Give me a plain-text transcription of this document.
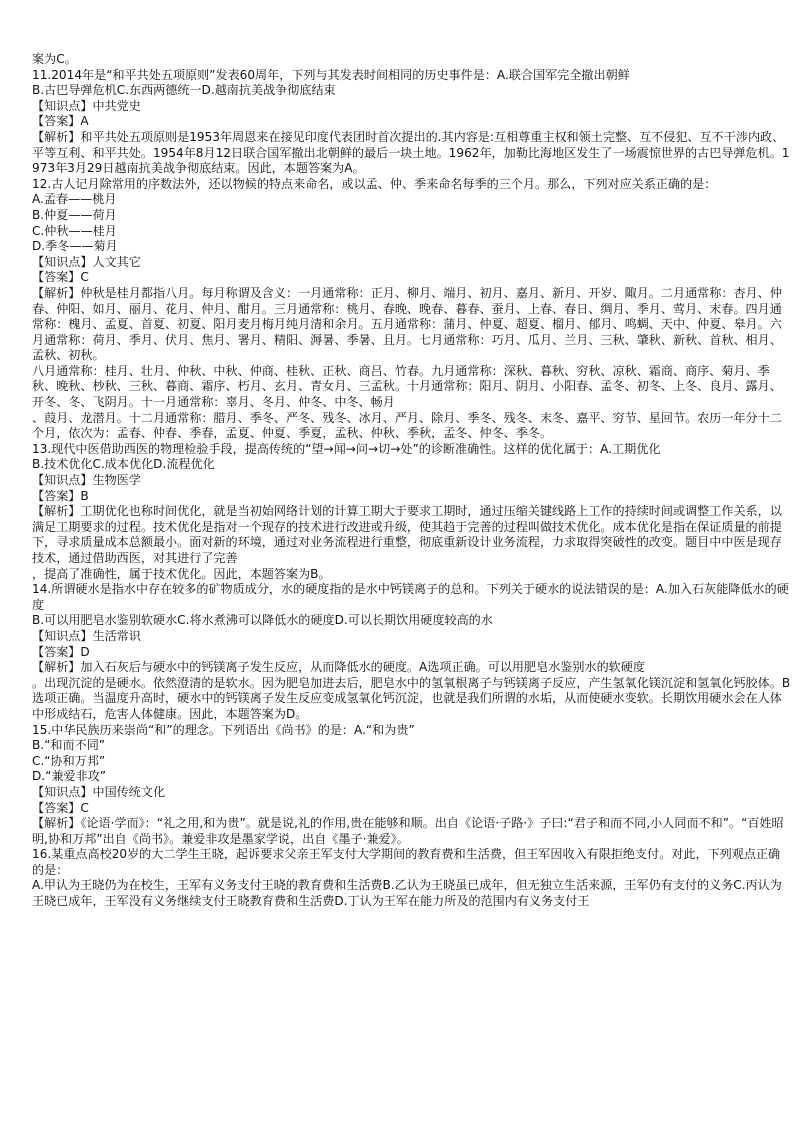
案为C。

11.2014年是“和平共处五项原则”发表60周年，下列与其发表时间相同的历史事件是：A.联合国军完全撤出朝鲜

B.古巴导弹危机C.东西两德统一D.越南抗美战争彻底结束

【知识点】中共党史

【答案】A

【解析】和平共处五项原则是1953年周恩来在接见印度代表团时首次提出的.其内容是:互相尊重主权和领土完整、互不侵犯、互不干涉内政、平等互利、和平共处。1954年8月12日联合国军撤出北朝鲜的最后一块土地。1962年，加勒比海地区发生了一场震惊世界的古巴导弹危机。1973年3月29日越南抗美战争彻底结束。因此，本题答案为A。

12.古人记月除常用的序数法外，还以物候的特点来命名，或以孟、仲、季来命名每季的三个月。那么，下列对应关系正确的是：

A.孟春——桃月

B.仲夏——荷月

C.仲秋——桂月

D.季冬——菊月

【知识点】人文其它

【答案】C

【解析】仲秋是桂月都指八月。每月称谓及含义：一月通常称：正月、柳月、端月、初月、嘉月、新月、开岁、陬月。二月通常称：杏月、仲春、仲阳、如月、丽月、花月、仲月、酣月。三月通常称：桃月、春晚、晚春、暮春、蚕月、上春、春日、绸月、季月、莺月、末春。四月通常称：槐月、孟夏、首夏、初夏、阳月麦月梅月纯月清和余月。五月通常称：蒲月、仲夏、超夏、榴月、郁月、鸣蜩、天中、仲夏、皋月。六月通常称：荷月、季月、伏月、焦月、署月、精阳、溽暑、季暑、且月。七月通常称：巧月、瓜月、兰月、三秋、肇秋、新秋、首秋、相月、孟秋、初秋。

八月通常称：桂月、壮月、仲秋、中秋、仲商、桂秋、正秋、商吕、竹春。九月通常称：深秋、暮秋、穷秋、凉秋、霜商、商序、菊月、季秋、晚秋、杪秋、三秋、暮商、霜序、朽月、玄月、青女月、三孟秋。十月通常称：阳月、阴月、小阳春、孟冬、初冬、上冬、良月、露月、开冬、冬、飞阴月。十一月通常称：辜月、冬月、仲冬、中冬、畅月

、葭月、龙潜月。十二月通常称：腊月、季冬、严冬、残冬、冰月、严月、除月、季冬、残冬、末冬、嘉平、穷节、星回节。农历一年分十二个月，依次为：孟春、仲春、季春，孟夏、仲夏、季夏，孟秋、仲秋、季秋，孟冬、仲冬、季冬。

13.现代中医借助西医的物理检验手段，提高传统的“望→闻→问→切→处”的诊断准确性。这样的优化属于：A.工期优化

B.技术优化C.成本优化D.流程优化

【知识点】生物医学

【答案】B

【解析】工期优化也称时间优化，就是当初始网络计划的计算工期大于要求工期时，通过压缩关键线路上工作的持续时间或调整工作关系，以满足工期要求的过程。技术优化是指对一个现存的技术进行改进或升级，使其趋于完善的过程叫做技术优化。成本优化是指在保证质量的前提下，寻求质量成本总额最小。面对新的环境，通过对业务流程进行重整，彻底重新设计业务流程，力求取得突破性的改变。题目中中医是现存技术，通过借助西医，对其进行了完善

，提高了准确性，属于技术优化。因此，本题答案为B。

14.所谓硬水是指水中存在较多的矿物质成分，水的硬度指的是水中钙镁离子的总和。下列关于硬水的说法错误的是：A.加入石灰能降低水的硬度

B.可以用肥皂水鉴别软硬水C.将水煮沸可以降低水的硬度D.可以长期饮用硬度较高的水

【知识点】生活常识

【答案】D

【解析】加入石灰后与硬水中的钙镁离子发生反应，从而降低水的硬度。A选项正确。可以用肥皂水鉴别水的软硬度

。出现沉淀的是硬水。依然澄清的是软水。因为肥皂加进去后，肥皂水中的氢氧根离子与钙镁离子反应，产生氢氧化镁沉淀和氢氧化钙胶体。B选项正确。当温度升高时，硬水中的钙镁离子发生反应变成氢氧化钙沉淀，也就是我们所谓的水垢，从而使硬水变软。长期饮用硬水会在人体中形成结石，危害人体健康。因此，本题答案为D。

15.中华民族历来崇尚“和”的理念。下列语出《尚书》的是：A.“和为贵”

B.“和而不同”

C.“协和万邦”

D.“兼爱非攻”

【知识点】中国传统文化

【答案】C

【解析】《论语·学而》：“礼之用,和为贵”。就是说,礼的作用,贵在能够和顺。出自《论语·子路·》子曰:“君子和而不同,小人同而不和”。“百姓昭明,协和万邦”出自《尚书》。兼爱非攻是墨家学说，出自《墨子·兼爱》。

16.某重点高校20岁的大二学生王晓，起诉要求父亲王军支付大学期间的教育费和生活费，但王军因收入有限拒绝支付。对此，下列观点正确的是：

A.甲认为王晓仍为在校生，王军有义务支付王晓的教育费和生活费B.乙认为王晓虽已成年，但无独立生活来源，王军仍有支付的义务C.丙认为王晓已成年，王军没有义务继续支付王晓教育费和生活费D.丁认为王军在能力所及的范围内有义务支付王
